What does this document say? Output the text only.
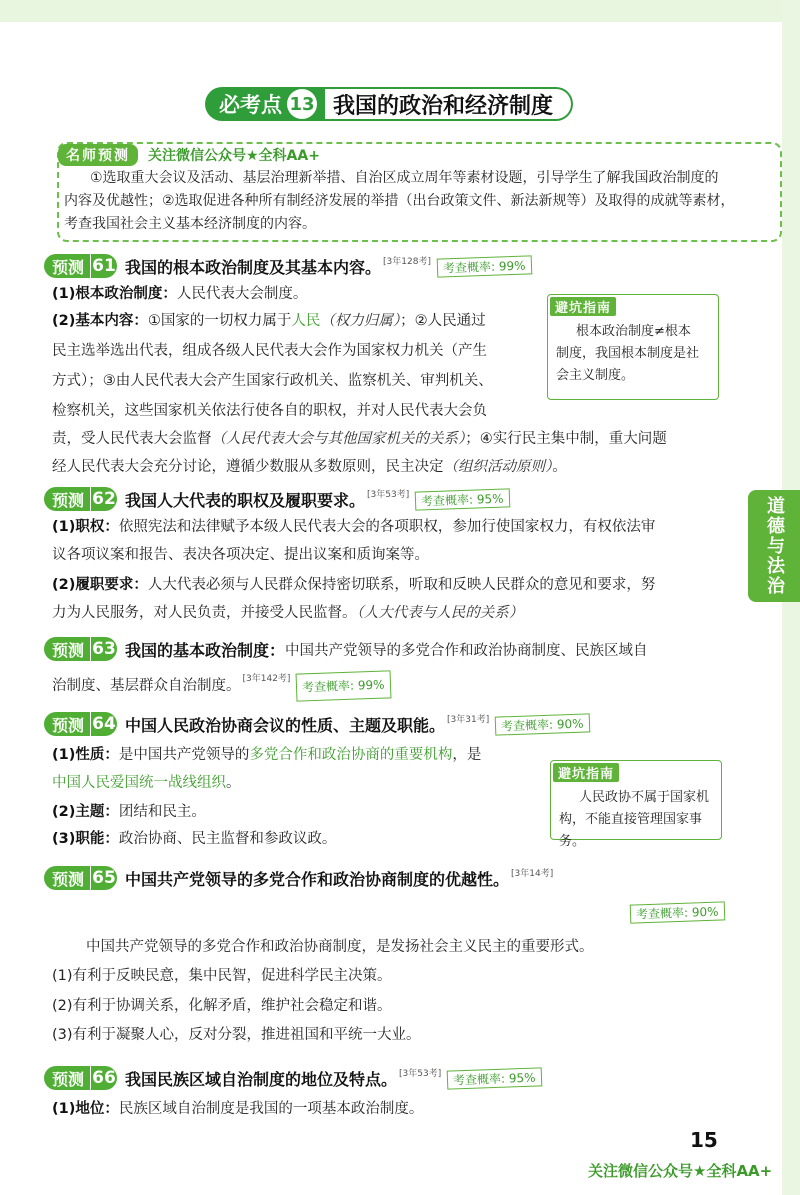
道德与法治
必考点 13 我国的政治和经济制度
名师预测	关注微信公众号★全科AA+
①选取重大会议及活动、基层治理新举措、自治区成立周年等素材设题，引导学生了解我国政治制度的
内容及优越性；②选取促进各种所有制经济发展的举措（出台政策文件、新法新规等）及取得的成就等素材，
考查我国社会主义基本经济制度的内容。
预测 61 我国的根本政治制度及其基本内容。 [3年128考] 考查概率: 99%
(1)根本政治制度：人民代表大会制度。
(2)基本内容：①国家的一切权力属于人民（权力归属）；②人民通过
民主选举选出代表，组成各级人民代表大会作为国家权力机关（产生
方式）；③由人民代表大会产生国家行政机关、监察机关、审判机关、
检察机关，这些国家机关依法行使各自的职权，并对人民代表大会负
责，受人民代表大会监督（人民代表大会与其他国家机关的关系）；④实行民主集中制，重大问题
经人民代表大会充分讨论，遵循少数服从多数原则，民主决定（组织活动原则）。
避坑指南
根本政治制度≠根本
制度，我国根本制度是社
会主义制度。
预测 62 我国人大代表的职权及履职要求。 [3年53考] 考查概率: 95%
(1)职权：依照宪法和法律赋予本级人民代表大会的各项职权，参加行使国家权力，有权依法审
议各项议案和报告、表决各项决定、提出议案和质询案等。
(2)履职要求：人大代表必须与人民群众保持密切联系，听取和反映人民群众的意见和要求，努
力为人民服务，对人民负责，并接受人民监督。（人大代表与人民的关系）
预测 63 我国的基本政治制度： 中国共产党领导的多党合作和政治协商制度、民族区域自
治制度、基层群众自治制度。 [3年142考] 考查概率: 99%
预测 64 中国人民政治协商会议的性质、主题及职能。 [3年31考] 考查概率: 90%
(1)性质：是中国共产党领导的多党合作和政治协商的重要机构，是
中国人民爱国统一战线组织。
(2)主题：团结和民主。
(3)职能：政治协商、民主监督和参政议政。
避坑指南
人民政协不属于国家机
构，不能直接管理国家事务。
预测 65 中国共产党领导的多党合作和政治协商制度的优越性。 [3年14考]
考查概率: 90%
中国共产党领导的多党合作和政治协商制度，是发扬社会主义民主的重要形式。
(1)有利于反映民意，集中民智，促进科学民主决策。
(2)有利于协调关系，化解矛盾，维护社会稳定和谐。
(3)有利于凝聚人心，反对分裂，推进祖国和平统一大业。
预测 66 我国民族区域自治制度的地位及特点。 [3年53考] 考查概率: 95%
(1)地位：民族区域自治制度是我国的一项基本政治制度。
15
关注微信公众号★全科AA+
